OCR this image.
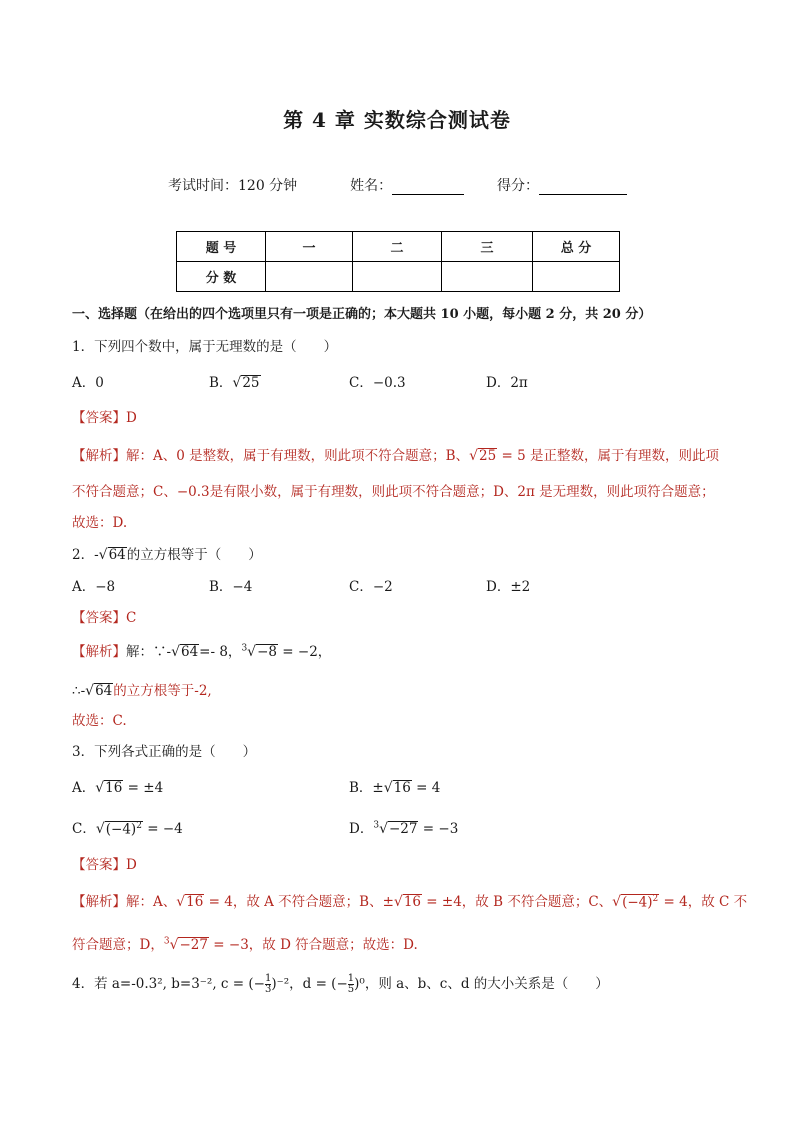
第 4 章 实数综合测试卷
考试时间：120 分钟	姓名：	得分：
题 号	一	二	三	总 分
分 数				
一、选择题（在给出的四个选项里只有一项是正确的；本大题共 10 小题，每小题 2 分，共 20 分）
1．下列四个数中，属于无理数的是（　　）
A．0	B．√25	C．−0.3	D．2π
【答案】D
【解析】解：A、0 是整数，属于有理数，则此项不符合题意；B、√25 = 5 是正整数，属于有理数，则此项
不符合题意；C、−0.3是有限小数，属于有理数，则此项不符合题意；D、2π 是无理数，则此项符合题意；
故选：D.
2．-√64的立方根等于（　　）
A．−8	B．−4	C．−2	D．±2
【答案】C
【解析】解：∵-√64=- 8，$^3$√−8 = −2，
∴-√64的立方根等于-2,
故选：C.
3．下列各式正确的是（　　）
A．√16 = ±4	B．±√16 = 4
C．$√(-4)^2 = -4$	D．$^3$√−27 = −3
【答案】D
【解析】解：A、√16 = 4，故 A 不符合题意；B、±√16 = ±4，故 B 不符合题意；C、$√(-4)^2 = 4$，故 C 不
符合题意；D，$^3$√−27 = −3，故 D 符合题意；故选：D.
4．若 a=-0.3², b=3⁻², c = (− $\frac{1}{3} )^{-2}$，d = (− $\frac{1}{5} )^0$，则 a、b、c、d 的大小关系是（　　）
